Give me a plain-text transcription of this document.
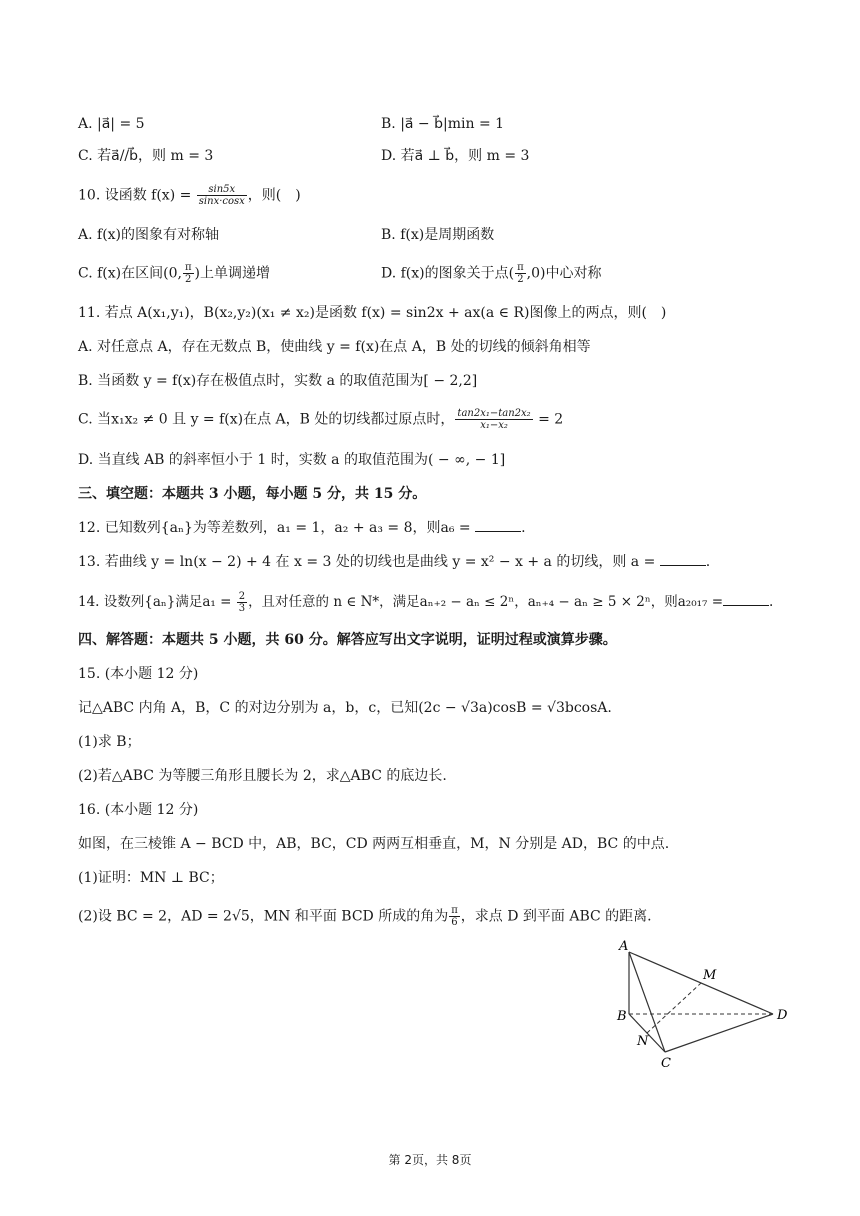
A. |a⃗| = 5	B. |a⃗ − b⃗|min = 1
C. 若a⃗//b⃗，则 m = 3	D. 若a⃗ ⊥ b⃗，则 m = 3
10. 设函数 $f(x) = \frac{\sin 5x}{\sin x\cdot\cos x}$ ，则(　)
A. f(x)的图象有对称轴	B. f(x)是周期函数
C. f(x)在区间(0, $\frac{\pi}{2}$ )上单调递增	D. f(x)的图象关于点( $\frac{\pi}{2} ,0$)中心对称
11. 若点 A(x₁,y₁)，B(x₂,y₂)(x₁ ≠ x₂)是函数 f(x) = sin2x + ax(a ∈ R)图像上的两点，则(　)
A. 对任意点 A，存在无数点 B，使曲线 y = f(x)在点 A，B 处的切线的倾斜角相等
B. 当函数 y = f(x)存在极值点时，实数 a 的取值范围为[ − 2,2]
C. 当x₁x₂ ≠ 0 且 y = f(x)在点 A，B 处的切线都过原点时， $\frac{\text{tan2x₁−tan2x₂}}{\text{x₁−x₂}} = 2$
D. 当直线 AB 的斜率恒小于 1 时，实数 a 的取值范围为( − ∞, − 1]
三、填空题：本题共 3 小题，每小题 5 分，共 15 分。
12. 已知数列{aₙ}为等差数列，a₁ = 1，a₂ + a₃ = 8，则a₆ =	.
13. 若曲线 y = ln(x − 2) + 4 在 x = 3 处的切线也是曲线 y = x² − x + a 的切线，则 a =	.
14. 设数列{aₙ}满足$a_1 = \frac{2}{3}$ ，且对任意的 n ∈ N*，满足aₙ₊₂ − aₙ ≤ 2ⁿ，aₙ₊₄ − aₙ ≥ 5 × 2ⁿ，则a₂₀₁₇ =	.
四、解答题：本题共 5 小题，共 60 分。解答应写出文字说明，证明过程或演算步骤。
15. (本小题 12 分)
记△ABC 内角 A，B，C 的对边分别为 a，b，c，已知(2c − √3a)cosB = √3bcosA.
(1)求 B；
(2)若△ABC 为等腰三角形且腰长为 2，求△ABC 的底边长.
16. (本小题 12 分)
如图，在三棱锥 A − BCD 中，AB，BC，CD 两两互相垂直，M，N 分别是 AD，BC 的中点.
(1)证明：MN ⊥ BC；
(2)设 BC = 2，AD = 2√5，MN 和平面 BCD 所成的角为 $\frac{\pi}{6}$ ，求点 D 到平面 ABC 的距离.
A
B
C
D
M
N
第 2页，共 8页
